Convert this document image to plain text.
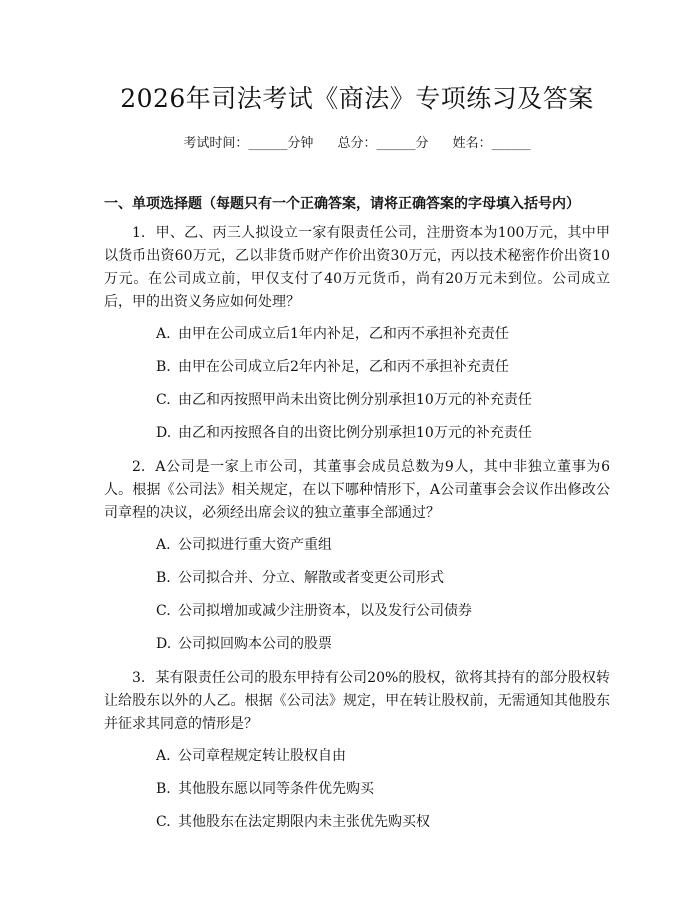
2026年司法考试《商法》专项练习及答案
考试时间：______分钟 总分：______分 姓名：______
一、单项选择题（每题只有一个正确答案，请将正确答案的字母填入括号内）

1. 甲、乙、丙三人拟设立一家有限责任公司，注册资本为100万元，其中甲以货币出资60万元，乙以非货币财产作价出资30万元，丙以技术秘密作价出资10万元。在公司成立前，甲仅支付了40万元货币，尚有20万元未到位。公司成立后，甲的出资义务应如何处理？

A. 由甲在公司成立后1年内补足，乙和丙不承担补充责任
B. 由甲在公司成立后2年内补足，乙和丙不承担补充责任
C. 由乙和丙按照甲尚未出资比例分别承担10万元的补充责任
D. 由乙和丙按照各自的出资比例分别承担10万元的补充责任

2. A公司是一家上市公司，其董事会成员总数为9人，其中非独立董事为6人。根据《公司法》相关规定，在以下哪种情形下，A公司董事会会议作出修改公司章程的决议，必须经出席会议的独立董事全部通过？

A. 公司拟进行重大资产重组
B. 公司拟合并、分立、解散或者变更公司形式
C. 公司拟增加或减少注册资本，以及发行公司债券
D. 公司拟回购本公司的股票

3. 某有限责任公司的股东甲持有公司20%的股权，欲将其持有的部分股权转让给股东以外的人乙。根据《公司法》规定，甲在转让股权前，无需通知其他股东并征求其同意的情形是？

A. 公司章程规定转让股权自由
B. 其他股东愿以同等条件优先购买
C. 其他股东在法定期限内未主张优先购买权
